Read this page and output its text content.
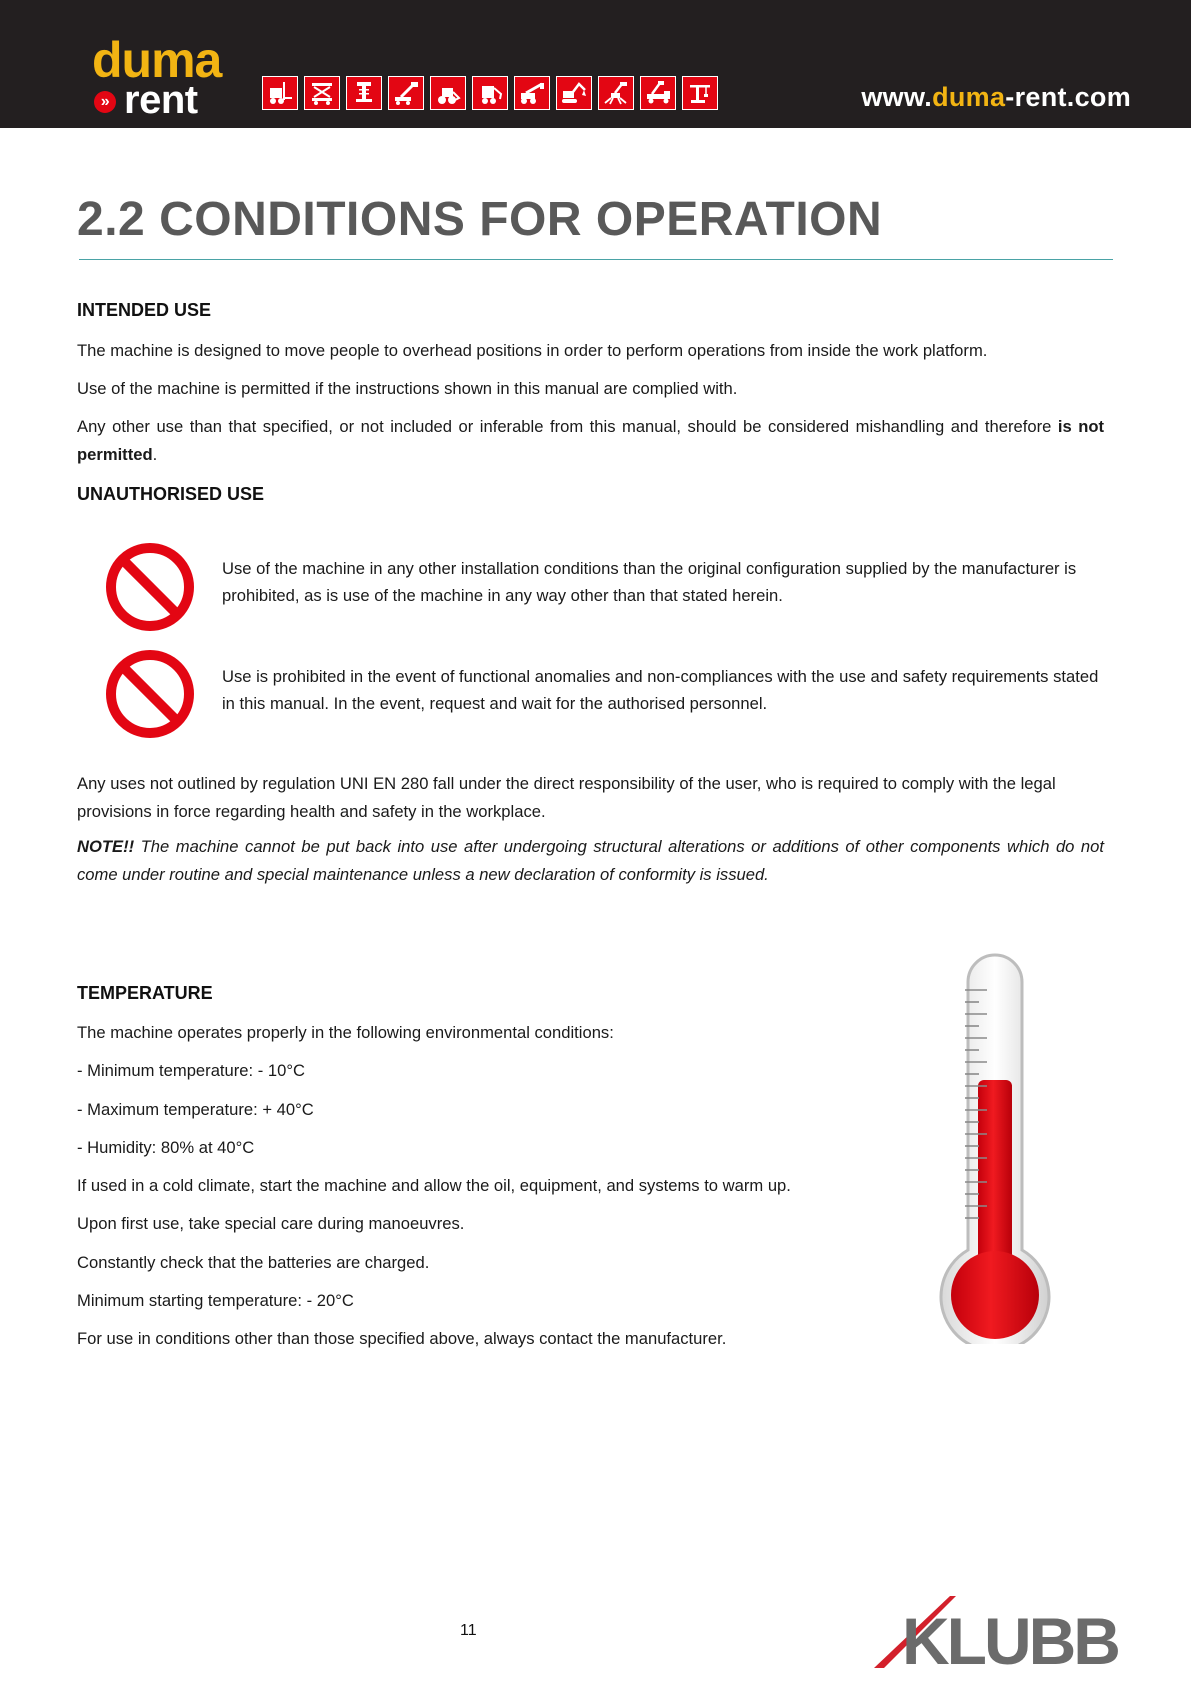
duma
» rent	www.duma-rent.com
2.2 CONDITIONS FOR OPERATION
INTENDED USE

The machine is designed to move people to overhead positions in order to perform operations from inside the work platform.

Use of the machine is permitted if the instructions shown in this manual are complied with.

Any other use than that specified, or not included or inferable from this manual, should be considered mishandling and therefore is not permitted.

UNAUTHORISED USE

Use of the machine in any other installation conditions than the original configuration supplied by the manufacturer is prohibited, as is use of the machine in any way other than that stated herein.

Use is prohibited in the event of functional anomalies and non-compliances with the use and safety requirements stated in this manual. In the event, request and wait for the authorised personnel.

Any uses not outlined by regulation UNI EN 280 fall under the direct responsibility of the user, who is required to comply with the legal provisions in force regarding health and safety in the workplace.

NOTE!! The machine cannot be put back into use after undergoing structural alterations or additions of other components which do not come under routine and special maintenance unless a new declaration of conformity is issued.

TEMPERATURE

The machine operates properly in the following environmental conditions:

- Minimum temperature: - 10°C

- Maximum temperature: + 40°C

- Humidity: 80% at 40°C

If used in a cold climate, start the machine and allow the oil, equipment, and systems to warm up.

Upon first use, take special care during manoeuvres.

Constantly check that the batteries are charged.

Minimum starting temperature: - 20°C

For use in conditions other than those specified above, always contact the manufacturer.

11	KLUBB
